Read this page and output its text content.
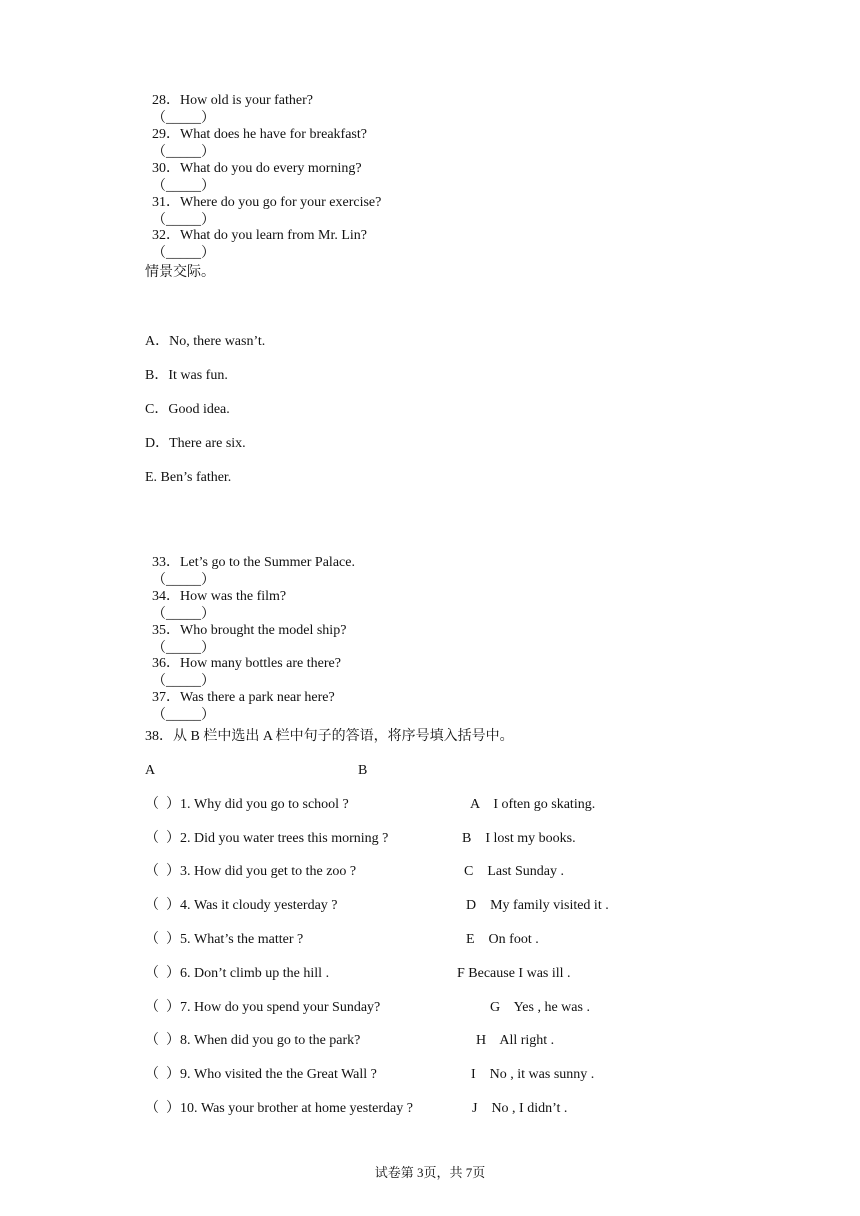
28．How old is your father?
（_____）

29．What does he have for breakfast?
（_____）

30．What do you do every morning?
（_____）

31．Where do you go for your exercise?
（_____）

32．What do you learn from Mr. Lin?
（_____）

情景交际。
A．No, there wasn’t.
B．It was fun.
C．Good idea.
D．There are six.
E. Ben’s father.

33．Let’s go to the Summer Palace.
（_____）

34．How was the film?
（_____）

35．Who brought the model ship?
（_____）

36．How many bottles are there?
（_____）

37．Was there a park near here?
（_____）

38．从 B 栏中选出 A 栏中句子的答语，将序号填入括号中。
A	B
（  ）1. Why did you go to school ?
（  ）2. Did you water trees this morning ?
（  ）3. How did you get to the zoo ?
（  ）4. Was it cloudy yesterday ?
（  ）5. What’s the matter ?
（  ）6. Don’t climb up the hill .
（  ）7. How do you spend your Sunday?
（  ）8. When did you go to the park?
（  ）9. Who visited the the Great Wall ?
（  ）10. Was your brother at home yesterday ?
A    I often go skating.
B    I lost my books.
C    Last Sunday .
D    My family visited it .
E    On foot .
F Because I was ill .
G    Yes , he was .
H    All right .
I    No , it was sunny .
J    No , I didn’t .
试卷第 3页，共 7页
